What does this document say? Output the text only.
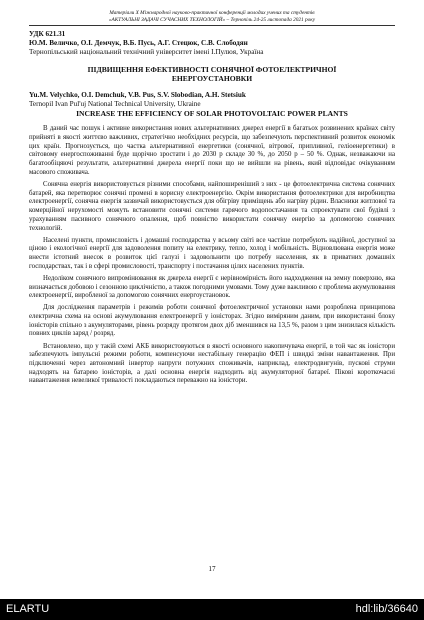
Матеріали Х Міжнародної науково-практичної конференції молодих учених та студентів
«АКТУАЛЬНІ ЗАДАЧІ СУЧАСНИХ ТЕХНОЛОГІЙ» – Тернопіль 24-25 листопада 2021 року
УДК 621.31
Ю.М. Величко, О.І. Демчук, В.Б. Пусь, А.Г. Стецюк, С.В. Слободян
Тернопільський національний технічний університет імені І.Пулюя, Україна
ПІДВИЩЕННЯ ЕФЕКТИВНОСТІ СОНЯЧНОЇ ФОТОЕЛЕКТРИЧНОЇ
ЕНЕРГОУСТАНОВКИ
Yu.M. Velychko, O.I. Demchuk, V.B. Pus, S.V. Slobodian, A.H. Stetsiuk
Ternopil Ivan Pul'uj National Technical University, Ukraine
INCREASE THE EFFICIENCY OF SOLAR PHOTOVOLTAIC POWER PLANTS

В даний час пошук і активне використання нових альтернативних джерел енергії в багатьох розвинених країнах світу прийняті в якості життєво важливих, стратегічно необхідних ресурсів, що забезпечують перспективний розвиток економік цих країн. Прогнозується, що частка альтернативної енергетики (сонячної, вітрової, припливної, геліоенергетики) в світовому енергоспоживанні буде щорічно зростати і до 2030 р складе 30 %, до 2050 р – 50 %. Однак, незважаючи на багатообіцяючі результати, альтернативні джерела енергії поки що не вийшли на рівень, який відповідає очікуванням масового споживача.

Сонячна енергія використовується різними способами, найпоширеніший з них - це фотоелектрична система сонячних батарей, яка перетворює сонячні промені в корисну електроенергію. Окрім використання фотоелектрики для виробництва електроенергії, сонячна енергія зазвичай використовується для обігріву приміщень або нагріву рідин. Власники житлової та комерційної нерухомості можуть встановити сонячні системи гарячого водопостачання та спроектувати свої будівлі з урахуванням пасивного сонячного опалення, щоб повністю використати сонячну енергію за допомогою сонячних технологій.

Населені пункти, промисловість і домашні господарства у всьому світі все частіше потребують надійної, доступної за ціною і екологічної енергії для задоволення попиту на електрику, тепло, холод і мобільність. Відновлювана енергія може внести істотний внесок в розвиток цієї галузі і задовольнити цю потребу населення, як в приватних домашніх господарствах, так і в сфері промисловості, транспорту і постачання цілих населених пунктів.

Недоліком сонячного випромінювання як джерела енергії є нерівномірність його надходження на земну поверхню, яка визначається добовою і сезонною циклічністю, а також погодними умовами. Тому дуже важливою є проблема акумулювання електроенергії, виробленої за допомогою сонячних енергоустановок.

Для дослідження параметрів і режимів роботи сонячної фотоелектричної установки нами розроблена принципова електрична схема на основі акумулювання електроенергії у іоністорах. Згідно виміряним даним, при використанні блоку іоністорів спільно з акумуляторами, рівень розряду протягом двох діб зменшився на 13,5 %, разом з цим знизилася кількість повних циклів заряд / розряд.

Встановлено, що у такій схемі АКБ використовуються в якості основного накопичувача енергії, в той час як іоністори забезпечують імпульсні режими роботи, компенсуючи нестабільну генерацію ФЕП і швидкі зміни навантаження. При підключенні через автономний інвертор напруги потужних споживачів, наприклад, електродвигунів, пускові струми надходять на батарею іоністорів, а далі основна енергія надходить від акумуляторної батареї. Пікові короткочасні навантаження невеликої тривалості покладаються переважно на іоністори.

17
ELARTU	hdl:lib/36640
